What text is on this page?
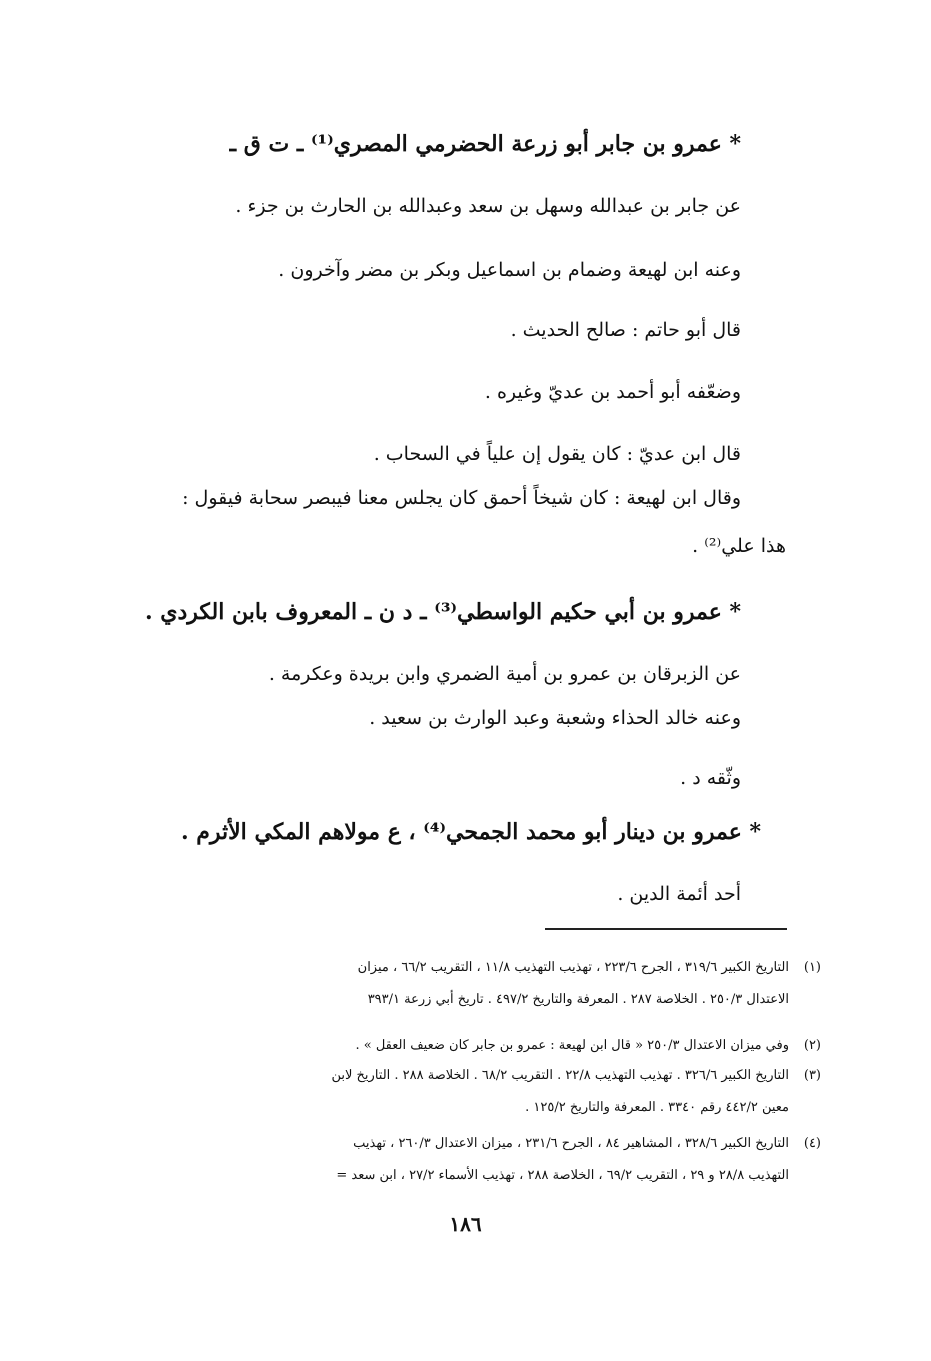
* عمرو بن جابر أبو زرعة الحضرمي المصري⁽¹⁾ ـ ت ق ـ
عن جابر بن عبدالله وسهل بن سعد وعبدالله بن الحارث بن جزء .
وعنه ابن لهيعة وضمام بن اسماعيل وبكر بن مضر وآخرون .
قال أبو حاتم : صالح الحديث .
وضعّفه أبو أحمد بن عديّ وغيره .
قال ابن عديّ : كان يقول إن علياً في السحاب .
وقال ابن لهيعة : كان شيخاً أحمق كان يجلس معنا فيبصر سحابة فيقول :
هذا علي⁽²⁾ .
* عمرو بن أبي حكيم الواسطي⁽³⁾ ـ د ن ـ المعروف بابن الكردي .
عن الزبرقان بن عمرو بن أمية الضمري وابن بريدة وعكرمة .
وعنه خالد الحذاء وشعبة وعبد الوارث بن سعيد .
وثّقه د .
* عمرو بن دينار أبو محمد الجمحي⁽⁴⁾ ، ع مولاهم المكي الأثرم .
أحد أئمة الدين .
(١)
التاريخ الكبير ٣١٩/٦ ، الجرح ٢٢٣/٦ ، تهذيب التهذيب ١١/٨ ، التقريب ٦٦/٢ ، ميزان
الاعتدال ٢٥٠/٣ . الخلاصة ٢٨٧ . المعرفة والتاريخ ٤٩٧/٢ . تاريخ أبي زرعة ٣٩٣/١
(٢)
وفي ميزان الاعتدال ٢٥٠/٣ « قال ابن لهيعة : عمرو بن جابر كان ضعيف العقل » .
(٣)
التاريخ الكبير ٣٢٦/٦ . تهذيب التهذيب ٢٢/٨ . التقريب ٦٨/٢ . الخلاصة ٢٨٨ . التاريخ لابن
معين ٤٤٢/٢ رقم ٣٣٤٠ . المعرفة والتاريخ ١٢٥/٢ .
(٤)
التاريخ الكبير ٣٢٨/٦ ، المشاهير ٨٤ ، الجرح ٢٣١/٦ ، ميزان الاعتدال ٢٦٠/٣ ، تهذيب
التهذيب ٢٨/٨ و ٢٩ ، التقريب ٦٩/٢ ، الخلاصة ٢٨٨ ، تهذيب الأسماء ٢٧/٢ ، ابن سعد =
١٨٦
